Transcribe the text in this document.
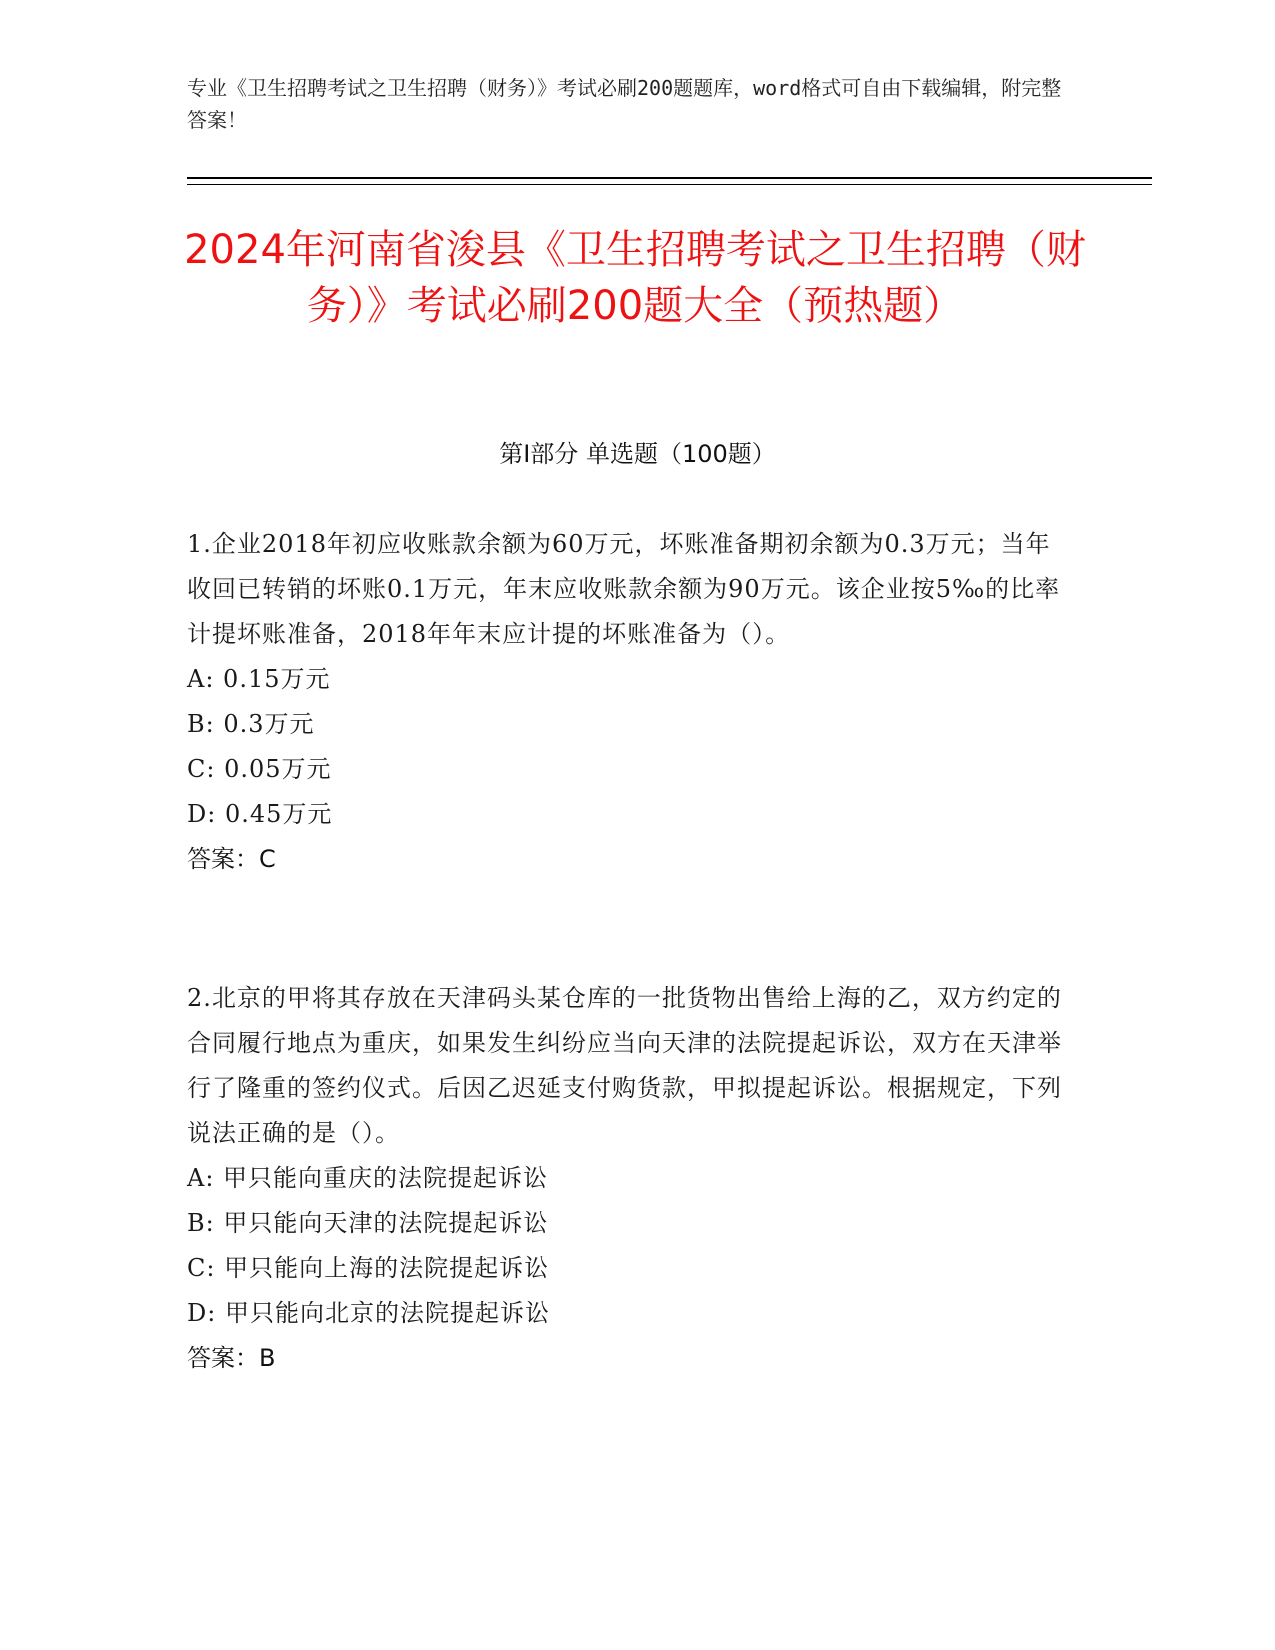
专业《卫生招聘考试之卫生招聘（财务）》考试必刷200题题库，word格式可自由下载编辑，附完整答案！
2024年河南省浚县《卫生招聘考试之卫生招聘（财务）》考试必刷200题大全（预热题）
第I部分 单选题（100题）
1.企业2018年初应收账款余额为60万元，坏账准备期初余额为0.3万元；当年收回已转销的坏账0.1万元，年末应收账款余额为90万元。该企业按5‰的比率计提坏账准备，2018年年末应计提的坏账准备为（）。
A: 0.15万元
B: 0.3万元
C: 0.05万元
D: 0.45万元
答案：C
2.北京的甲将其存放在天津码头某仓库的一批货物出售给上海的乙，双方约定的合同履行地点为重庆，如果发生纠纷应当向天津的法院提起诉讼，双方在天津举行了隆重的签约仪式。后因乙迟延支付购货款，甲拟提起诉讼。根据规定，下列说法正确的是（）。
A: 甲只能向重庆的法院提起诉讼
B: 甲只能向天津的法院提起诉讼
C: 甲只能向上海的法院提起诉讼
D: 甲只能向北京的法院提起诉讼
答案：B
